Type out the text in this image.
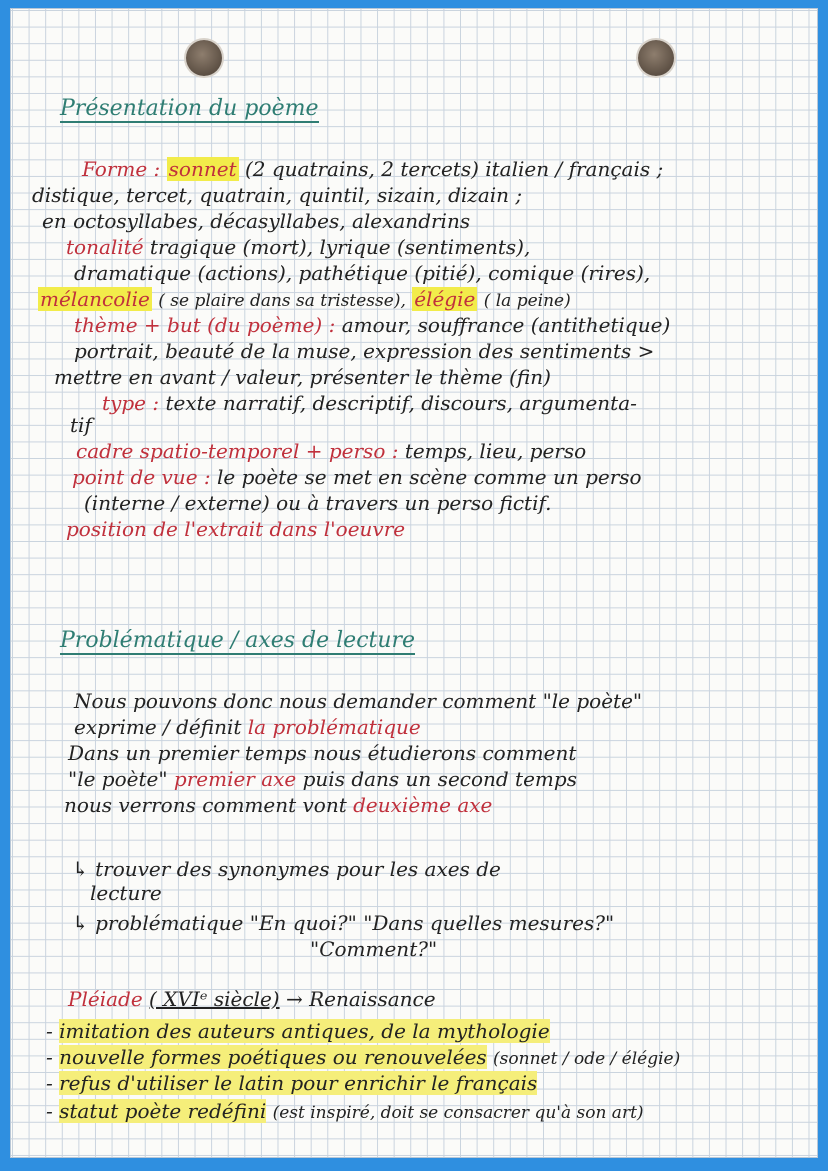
Présentation du poème
Forme : sonnet (2 quatrains, 2 tercets) italien / français ;
distique, tercet, quatrain, quintil, sizain, dizain ;
en octosyllabes, décasyllabes, alexandrins
tonalité tragique (mort), lyrique (sentiments),
dramatique (actions), pathétique (pitié), comique (rires),
mélancolie ( se plaire dans sa tristesse), élégie ( la peine)
thème + but (du poème) : amour, souffrance (antithetique)
portrait, beauté de la muse, expression des sentiments >
mettre en avant / valeur, présenter le thème (fin)
type : texte narratif, descriptif, discours, argumenta-
tif
cadre spatio-temporel + perso : temps, lieu, perso
point de vue : le poète se met en scène comme un perso
(interne / externe) ou à travers un perso fictif.
position de l'extrait dans l'oeuvre
Problématique / axes de lecture
Nous pouvons donc nous demander comment "le poète"
exprime / définit la problématique
Dans un premier temps nous étudierons comment
"le poète" premier axe puis dans un second temps
nous verrons comment vont deuxième axe
↳ trouver des synonymes pour les axes de
lecture
↳ problématique "En quoi?" "Dans quelles mesures?"
"Comment?"
Pléiade ( XVIᵉ siècle) → Renaissance
- imitation des auteurs antiques, de la mythologie
- nouvelle formes poétiques ou renouvelées (sonnet / ode / élégie)
- refus d'utiliser le latin pour enrichir le français
- statut poète redéfini (est inspiré, doit se consacrer qu'à son art)
